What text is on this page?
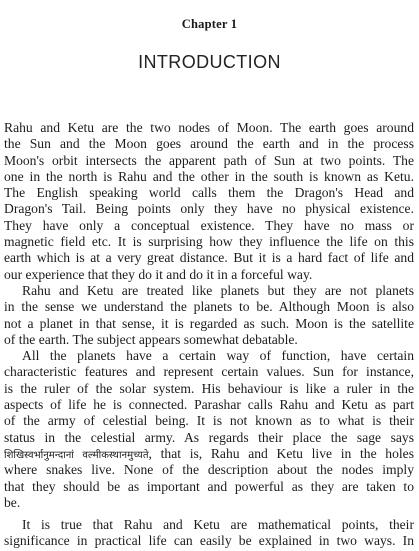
Chapter 1
INTRODUCTION
Rahu and Ketu are the two nodes of Moon. The earth goes around
the Sun and the Moon goes around the earth and in the process
Moon's orbit intersects the apparent path of Sun at two points. The
one in the north is Rahu and the other in the south is known as Ketu.
The English speaking world calls them the Dragon's Head and
Dragon's Tail. Being points only they have no physical existence.
They have only a conceptual existence. They have no mass or
magnetic field etc. It is surprising how they influence the life on this
earth which is at a very great distance. But it is a hard fact of life and
our experience that they do it and do it in a forceful way.
Rahu and Ketu are treated like planets but they are not planets
in the sense we understand the planets to be. Although Moon is also
not a planet in that sense, it is regarded as such. Moon is the satellite
of the earth. The subject appears somewhat debatable.
All the planets have a certain way of function, have certain
characteristic features and represent certain values. Sun for instance,
is the ruler of the solar system. His behaviour is like a ruler in the
aspects of life he is connected. Parashar calls Rahu and Ketu as part
of the army of celestial being. It is not known as to what is their
status in the celestial army. As regards their place the sage says
शिखिस्वर्भानुमन्दानां वल्मीकस्थानमुच्यते, that is, Rahu and Ketu live in the holes
where snakes live. None of the description about the nodes imply
that they should be as important and powerful as they are taken to
be.
It is true that Rahu and Ketu are mathematical points, their
significance in practical life can easily be explained in two ways. In
